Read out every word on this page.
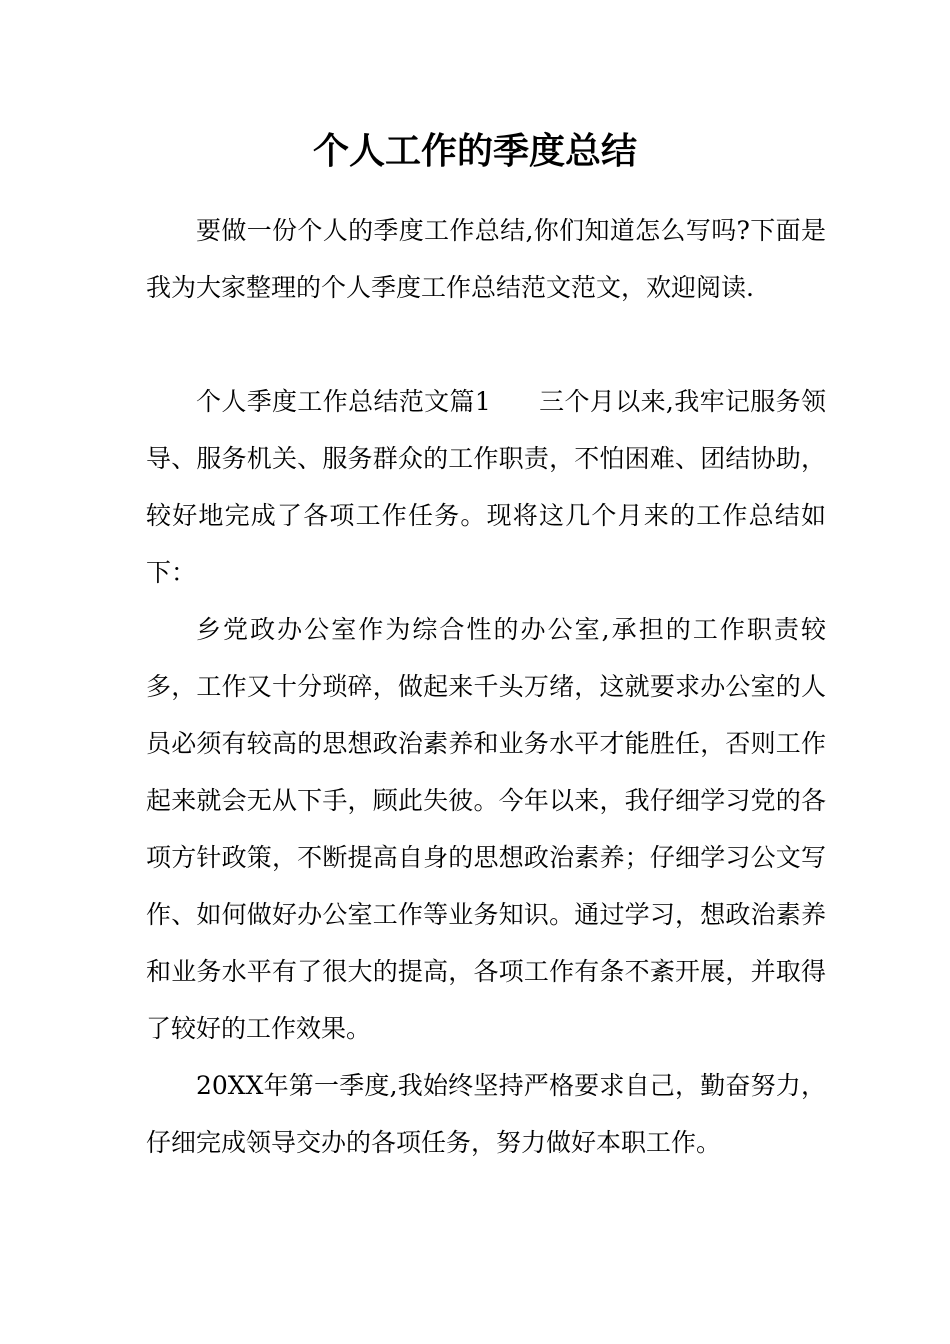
个人工作的季度总结

要做一份个人的季度工作总结,你们知道怎么写吗?下面是我为大家整理的个人季度工作总结范文范文，欢迎阅读.

个人季度工作总结范文篇1 三个月以来,我牢记服务领导、服务机关、服务群众的工作职责，不怕困难、团结协助，较好地完成了各项工作任务。现将这几个月来的工作总结如下：

乡党政办公室作为综合性的办公室,承担的工作职责较多，工作又十分琐碎，做起来千头万绪，这就要求办公室的人员必须有较高的思想政治素养和业务水平才能胜任，否则工作起来就会无从下手，顾此失彼。今年以来，我仔细学习党的各项方针政策，不断提高自身的思想政治素养；仔细学习公文写作、如何做好办公室工作等业务知识。通过学习，想政治素养和业务水平有了很大的提高，各项工作有条不紊开展，并取得了较好的工作效果。

20XX年第一季度,我始终坚持严格要求自己，勤奋努力，仔细完成领导交办的各项任务，努力做好本职工作。
